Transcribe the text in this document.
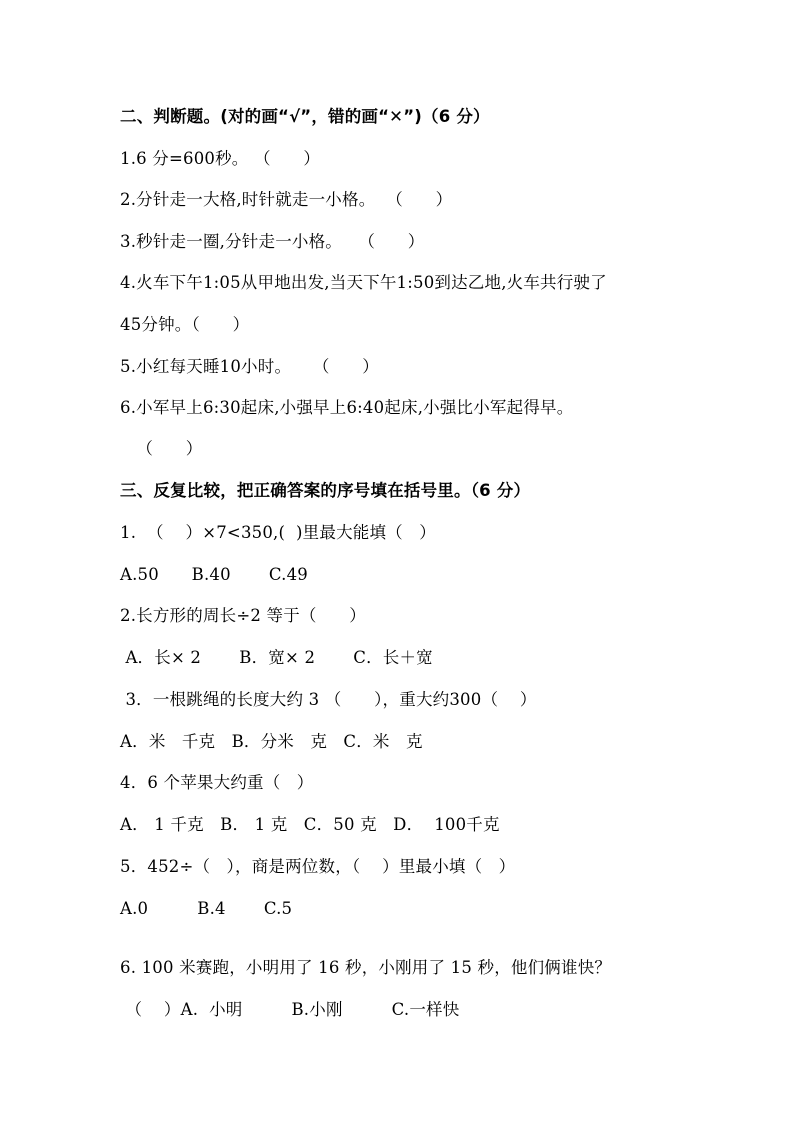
二、判断题。(对的画“√”，错的画“✕”)（6 分）
1.6 分=600秒。 （      ）
2.分针走一大格,时针就走一小格。  （      ）
3.秒针走一圈,分针走一小格。   （      ）
4.火车下午1:05从甲地出发,当天下午1:50到达乙地,火车共行驶了
45分钟。（      ）
5.小红每天睡10小时。    （      ）
6.小军早上6:30起床,小强早上6:40起床,小强比小军起得早。
（      ）
三、反复比较，把正确答案的序号填在括号里。（6 分）
1.  （    ）×7<350,(  )里最大能填（   ）
A.50      B.40       C.49
2.长方形的周长÷2 等于（      ）
A．长× 2       B．宽× 2       C．长＋宽
3．一根跳绳的长度大约 3 （      ），重大约300（    ）
A．米   千克   B．分米   克   C．米   克
4．6 个苹果大约重（   ）
A． 1 千克   B． 1 克   C．50 克   D．  100千克
5．452÷（   ），商是两位数，（    ）里最小填（   ）
A.0         B.4       C.5
6. 100 米赛跑，小明用了 16 秒，小刚用了 15 秒，他们俩谁快？
（    ）A.  小明         B.小刚         C.一样快
